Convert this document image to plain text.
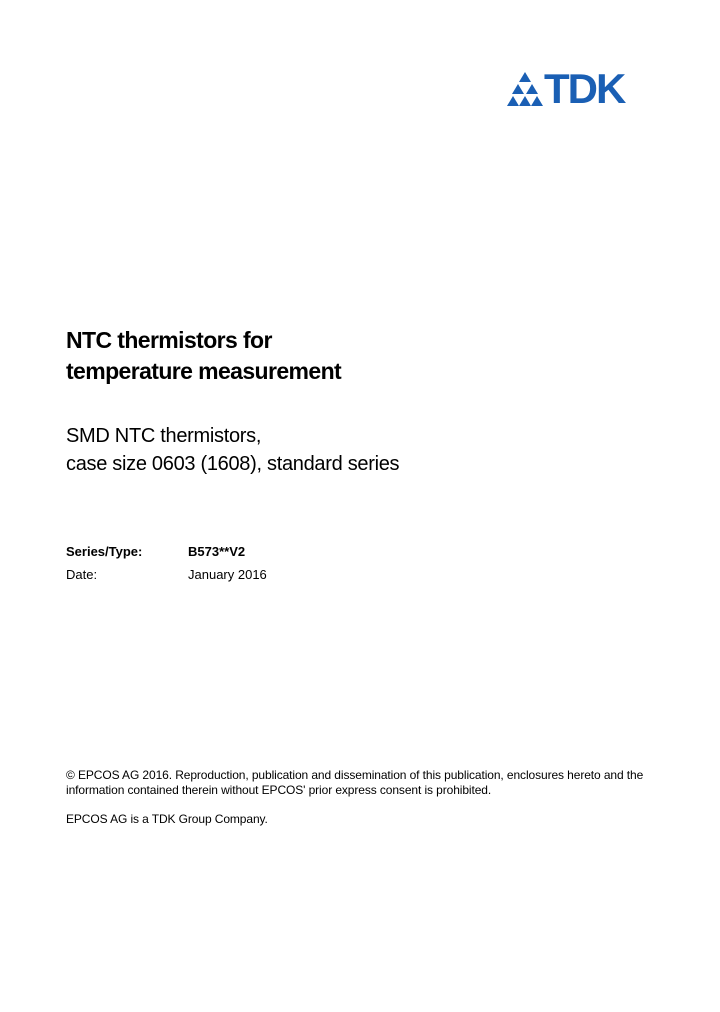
TDK
NTC thermistors for
temperature measurement
SMD NTC thermistors,
case size 0603 (1608), standard series
Series/Type:	B573**V2
Date:	January 2016
© EPCOS AG 2016. Reproduction, publication and dissemination of this publication, enclosures hereto and the
information contained therein without EPCOS' prior express consent is prohibited.
EPCOS AG is a TDK Group Company.
